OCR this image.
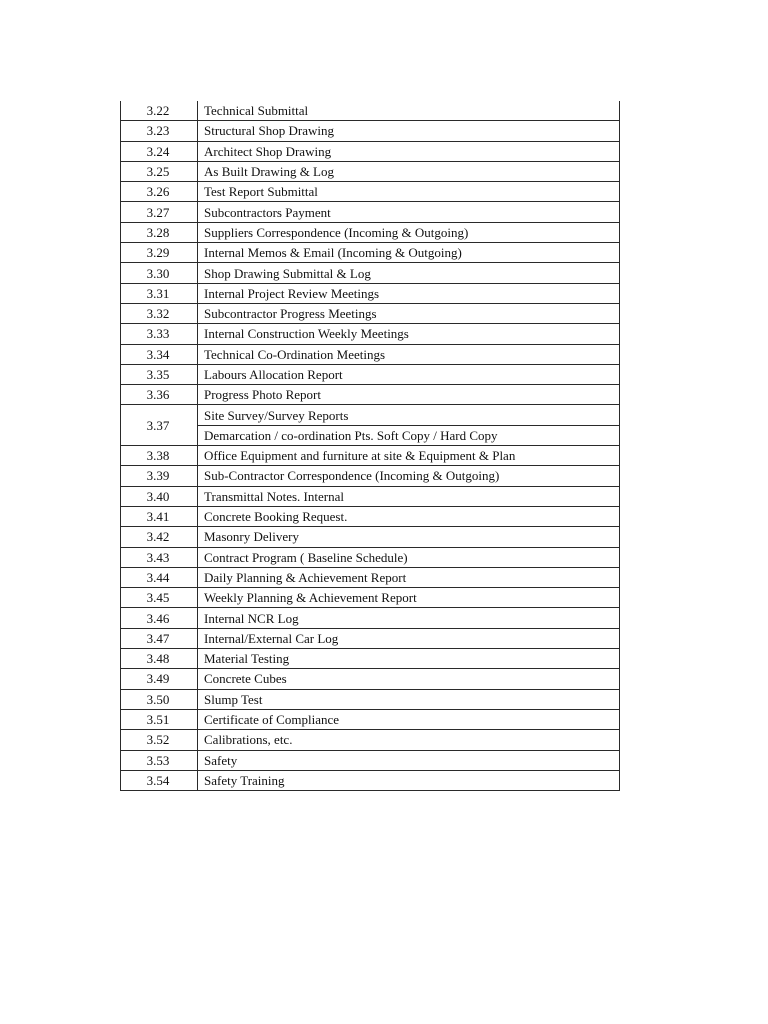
3.22	Technical Submittal
3.23	Structural Shop Drawing
3.24	Architect Shop Drawing
3.25	As Built Drawing & Log
3.26	Test Report Submittal
3.27	Subcontractors Payment
3.28	Suppliers Correspondence (Incoming & Outgoing)
3.29	Internal Memos & Email (Incoming & Outgoing)
3.30	Shop Drawing Submittal & Log
3.31	Internal Project Review Meetings
3.32	Subcontractor Progress Meetings
3.33	Internal Construction Weekly Meetings
3.34	Technical Co-Ordination Meetings
3.35	Labours Allocation Report
3.36	Progress Photo Report
3.37	Site Survey/Survey Reports
	Demarcation / co-ordination Pts. Soft Copy / Hard Copy
3.38	Office Equipment and furniture at site & Equipment & Plan
3.39	Sub-Contractor Correspondence (Incoming & Outgoing)
3.40	Transmittal Notes. Internal
3.41	Concrete Booking Request.
3.42	Masonry Delivery
3.43	Contract Program ( Baseline Schedule)
3.44	Daily Planning & Achievement Report
3.45	Weekly Planning & Achievement Report
3.46	Internal NCR Log
3.47	Internal/External Car Log
3.48	Material Testing
3.49	Concrete Cubes
3.50	Slump Test
3.51	Certificate of Compliance
3.52	Calibrations, etc.
3.53	Safety
3.54	Safety Training
